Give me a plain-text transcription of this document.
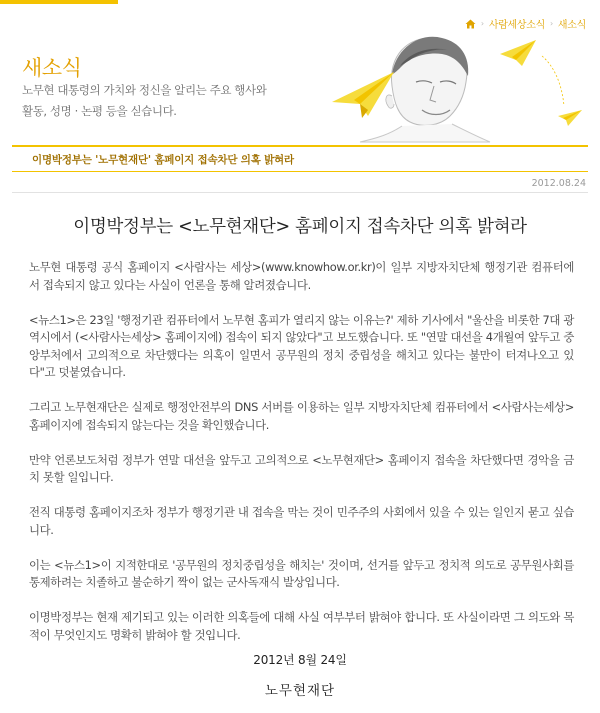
› 사람세상소식 › 새소식
새소식
노무현 대통령의 가치와 정신을 알리는 주요 행사와
활동, 성명 · 논평 등을 싣습니다.
이명박정부는 '노무현재단' 홈페이지 접속차단 의혹 밝혀라
2012.08.24
이명박정부는 <노무현재단> 홈페이지 접속차단 의혹 밝혀라

노무현 대통령 공식 홈페이지 <사람사는 세상>(www.knowhow.or.kr)이 일부 지방자치단체 행정기관 컴퓨터에서 접속되지 않고 있다는 사실이 언론을 통해 알려졌습니다.

<뉴스1>은 23일 '행정기관 컴퓨터에서 노무현 홈피가 열리지 않는 이유는?' 제하 기사에서 "울산을 비롯한 7대 광역시에서 (<사람사는세상> 홈페이지에) 접속이 되지 않았다"고 보도했습니다. 또 "연말 대선을 4개월여 앞두고 중앙부처에서 고의적으로 차단했다는 의혹이 일면서 공무원의 정치 중립성을 해치고 있다는 불만이 터져나오고 있다"고 덧붙였습니다.

그리고 노무현재단은 실제로 행정안전부의 DNS 서버를 이용하는 일부 지방자치단체 컴퓨터에서 <사람사는세상> 홈페이지에 접속되지 않는다는 것을 확인했습니다.

만약 언론보도처럼 정부가 연말 대선을 앞두고 고의적으로 <노무현재단> 홈페이지 접속을 차단했다면 경악을 금치 못할 일입니다.

전직 대통령 홈페이지조차 정부가 행정기관 내 접속을 막는 것이 민주주의 사회에서 있을 수 있는 일인지 묻고 싶습니다.

이는 <뉴스1>이 지적한대로 '공무원의 정치중립성을 해치는' 것이며, 선거를 앞두고 정치적 의도로 공무원사회를 통제하려는 치졸하고 불순하기 짝이 없는 군사독재식 발상입니다.

이명박정부는 현재 제기되고 있는 이러한 의혹들에 대해 사실 여부부터 밝혀야 합니다. 또 사실이라면 그 의도와 목적이 무엇인지도 명확히 밝혀야 할 것입니다.

2012년 8월 24일
노무현재단
